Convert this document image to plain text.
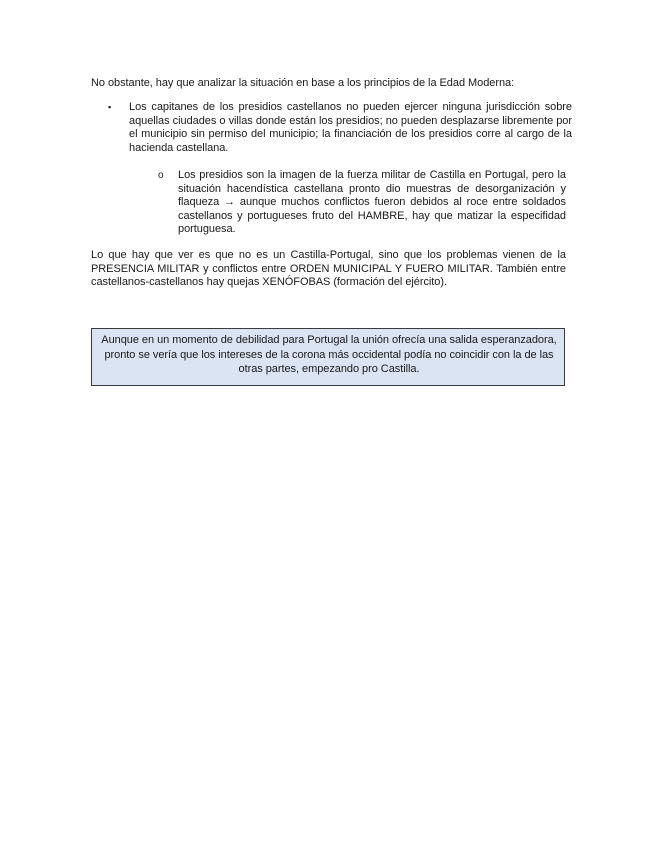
No obstante, hay que analizar la situación en base a los principios de la Edad Moderna:

▪ Los capitanes de los presidios castellanos no pueden ejercer ninguna jurisdicción sobre aquellas ciudades o villas donde están los presidios; no pueden desplazarse libremente por el municipio sin permiso del municipio; la financiación de los presidios corre al cargo de la hacienda castellana.

o Los presidios son la imagen de la fuerza militar de Castilla en Portugal, pero la situación hacendística castellana pronto dio muestras de desorganización y flaqueza → aunque muchos conflictos fueron debidos al roce entre soldados castellanos y portugueses fruto del HAMBRE, hay que matizar la especifidad portuguesa.

Lo que hay que ver es que no es un Castilla-Portugal, sino que los problemas vienen de la PRESENCIA MILITAR y conflictos entre ORDEN MUNICIPAL Y FUERO MILITAR. También entre castellanos-castellanos hay quejas XENÓFOBAS (formación del ejército).

Aunque en un momento de debilidad para Portugal la unión ofrecía una salida esperanzadora, pronto se vería que los intereses de la corona más occidental podía no coincidir con la de las otras partes, empezando pro Castilla.
